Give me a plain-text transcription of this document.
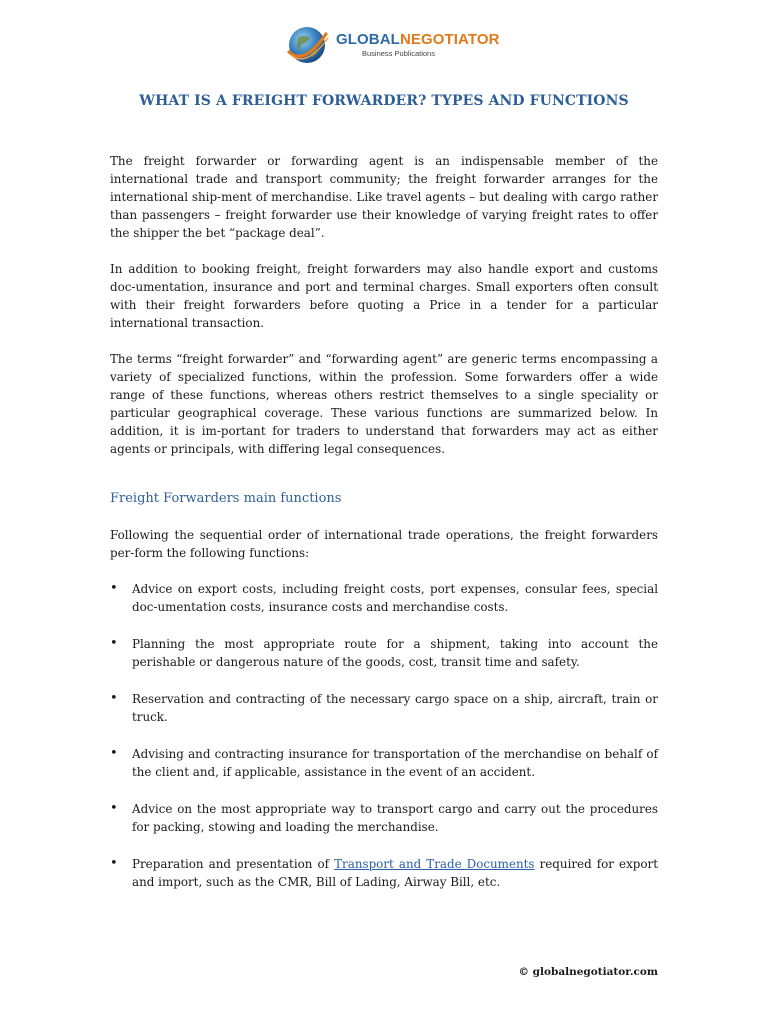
GLOBALNEGOTIATOR
Business Publications
WHAT IS A FREIGHT FORWARDER? TYPES AND FUNCTIONS

The freight forwarder or forwarding agent is an indispensable member of the international trade and transport community; the freight forwarder arranges for the international ship-ment of merchandise. Like travel agents – but dealing with cargo rather than passengers – freight forwarder use their knowledge of varying freight rates to offer the shipper the bet “package deal”.

In addition to booking freight, freight forwarders may also handle export and customs doc-umentation, insurance and port and terminal charges. Small exporters often consult with their freight forwarders before quoting a Price in a tender for a particular international transaction.

The terms “freight forwarder” and “forwarding agent” are generic terms encompassing a variety of specialized functions, within the profession. Some forwarders offer a wide range of these functions, whereas others restrict themselves to a single speciality or particular geographical coverage. These various functions are summarized below. In addition, it is im-portant for traders to understand that forwarders may act as either agents or principals, with differing legal consequences.

Freight Forwarders main functions

Following the sequential order of international trade operations, the freight forwarders per-form the following functions:

• Advice on export costs, including freight costs, port expenses, consular fees, special doc-umentation costs, insurance costs and merchandise costs.
• Planning the most appropriate route for a shipment, taking into account the perishable or dangerous nature of the goods, cost, transit time and safety.
• Reservation and contracting of the necessary cargo space on a ship, aircraft, train or truck.
• Advising and contracting insurance for transportation of the merchandise on behalf of the client and, if applicable, assistance in the event of an accident.
• Advice on the most appropriate way to transport cargo and carry out the procedures for packing, stowing and loading the merchandise.
• Preparation and presentation of Transport and Trade Documents required for export and import, such as the CMR, Bill of Lading, Airway Bill, etc.
© globalnegotiator.com
